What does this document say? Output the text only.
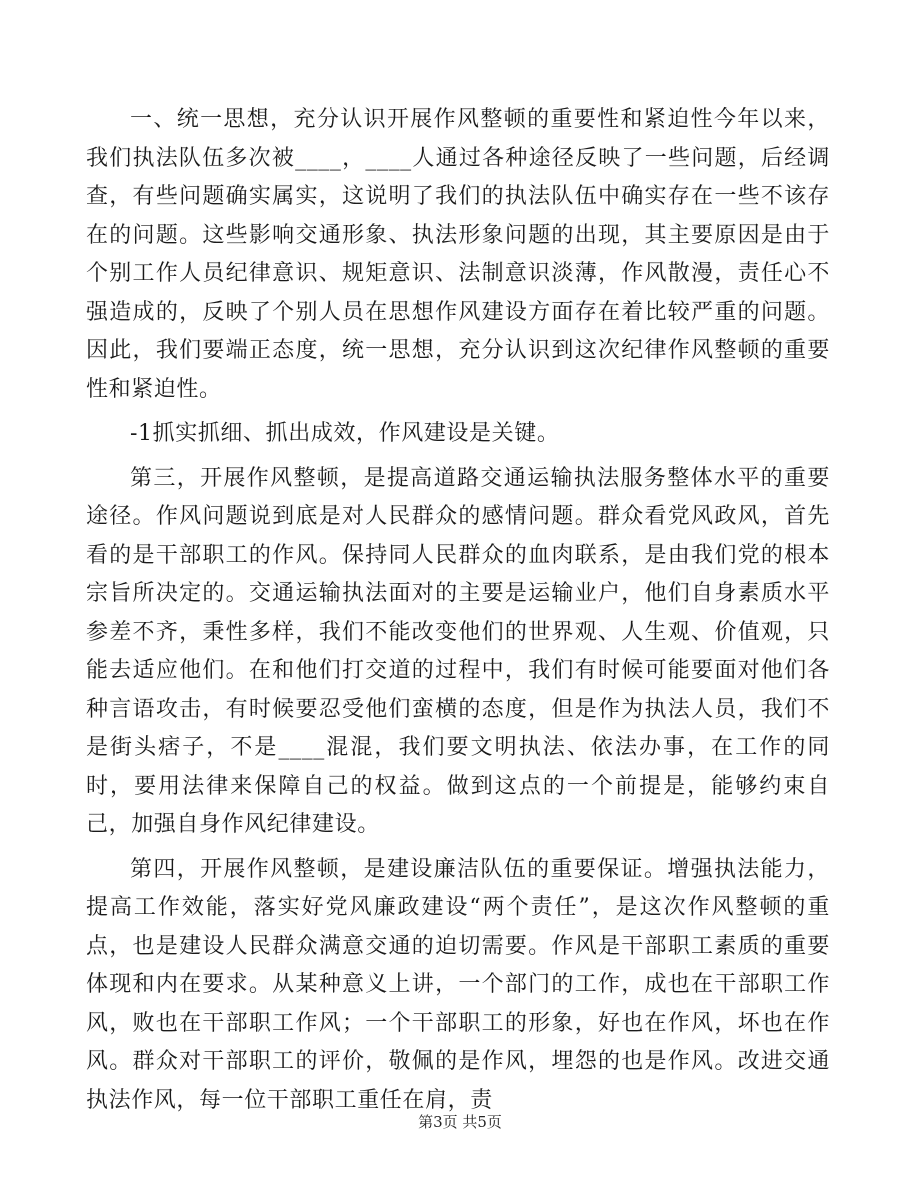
一、统一思想，充分认识开展作风整顿的重要性和紧迫性今年以来，我们执法队伍多次被____，____人通过各种途径反映了一些问题，后经调查，有些问题确实属实，这说明了我们的执法队伍中确实存在一些不该存在的问题。这些影响交通形象、执法形象问题的出现，其主要原因是由于个别工作人员纪律意识、规矩意识、法制意识淡薄，作风散漫，责任心不强造成的，反映了个别人员在思想作风建设方面存在着比较严重的问题。因此，我们要端正态度，统一思想，充分认识到这次纪律作风整顿的重要性和紧迫性。

-1抓实抓细、抓出成效，作风建设是关键。

第三，开展作风整顿，是提高道路交通运输执法服务整体水平的重要途径。作风问题说到底是对人民群众的感情问题。群众看党风政风，首先看的是干部职工的作风。保持同人民群众的血肉联系，是由我们党的根本宗旨所决定的。交通运输执法面对的主要是运输业户，他们自身素质水平参差不齐，秉性多样，我们不能改变他们的世界观、人生观、价值观，只能去适应他们。在和他们打交道的过程中，我们有时候可能要面对他们各种言语攻击，有时候要忍受他们蛮横的态度，但是作为执法人员，我们不是街头痞子，不是____混混，我们要文明执法、依法办事，在工作的同时，要用法律来保障自己的权益。做到这点的一个前提是，能够约束自己，加强自身作风纪律建设。

第四，开展作风整顿，是建设廉洁队伍的重要保证。增强执法能力，提高工作效能，落实好党风廉政建设“两个责任”，是这次作风整顿的重点，也是建设人民群众满意交通的迫切需要。作风是干部职工素质的重要体现和内在要求。从某种意义上讲，一个部门的工作，成也在干部职工作风，败也在干部职工作风；一个干部职工的形象，好也在作风，坏也在作风。群众对干部职工的评价，敬佩的是作风，埋怨的也是作风。改进交通执法作风，每一位干部职工重任在肩，责

第3页 共5页
